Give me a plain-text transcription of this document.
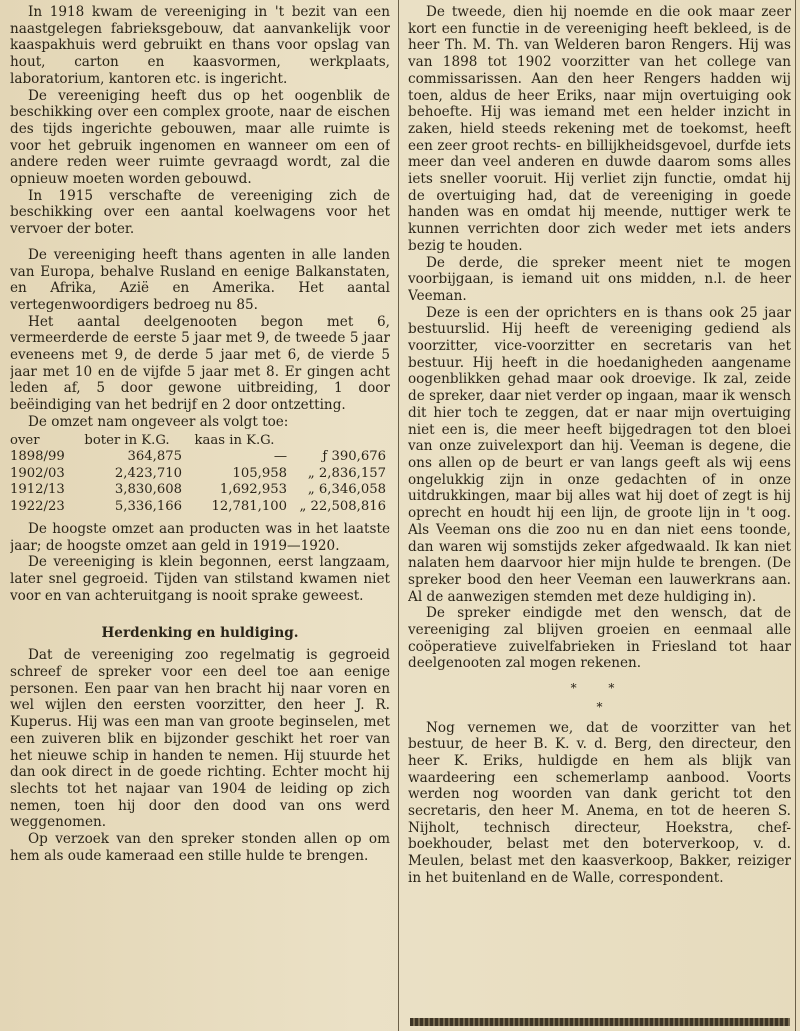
In 1918 kwam de vereeniging in 't bezit van een naastgelegen fabrieksgebouw, dat aanvankelijk voor kaaspakhuis werd gebruikt en thans voor opslag van hout, carton en kaasvormen, werkplaats, laboratorium, kantoren etc. is ingericht.

De vereeniging heeft dus op het oogenblik de beschikking over een complex groote, naar de eischen des tijds ingerichte gebouwen, maar alle ruimte is voor het gebruik ingenomen en wanneer om een of andere reden weer ruimte gevraagd wordt, zal die opnieuw moeten worden gebouwd.

In 1915 verschafte de vereeniging zich de beschikking over een aantal koelwagens voor het vervoer der boter.

De vereeniging heeft thans agenten in alle landen van Europa, behalve Rusland en eenige Balkanstaten, en Afrika, Azië en Amerika. Het aantal vertegenwoordigers bedroeg nu 85.

Het aantal deelgenooten begon met 6, vermeerderde de eerste 5 jaar met 9, de tweede 5 jaar eveneens met 9, de derde 5 jaar met 6, de vierde 5 jaar met 10 en de vijfde 5 jaar met 8. Er gingen acht leden af, 5 door gewone uitbreiding, 1 door beëindiging van het bedrijf en 2 door ontzetting.

De omzet nam ongeveer als volgt toe:

over	boter in K.G.	kaas in K.G.	
1898/99	364,875	—	ƒ 390,676
1902/03	2,423,710	105,958	„ 2,836,157
1912/13	3,830,608	1,692,953	„ 6,346,058
1922/23	5,336,166	12,781,100	„ 22,508,816

De hoogste omzet aan producten was in het laatste jaar; de hoogste omzet aan geld in 1919—1920.

De vereeniging is klein begonnen, eerst langzaam, later snel gegroeid. Tijden van stilstand kwamen niet voor en van achteruitgang is nooit sprake geweest.

Herdenking en huldiging.

Dat de vereeniging zoo regelmatig is gegroeid schreef de spreker voor een deel toe aan eenige personen. Een paar van hen bracht hij naar voren en wel wijlen den eersten voorzitter, den heer J. R. Kuperus. Hij was een man van groote beginselen, met een zuiveren blik en bijzonder geschikt het roer van het nieuwe schip in handen te nemen. Hij stuurde het dan ook direct in de goede richting. Echter mocht hij slechts tot het najaar van 1904 de leiding op zich nemen, toen hij door den dood van ons werd weggenomen.

Op verzoek van den spreker stonden allen op om hem als oude kameraad een stille hulde te brengen.

De tweede, dien hij noemde en die ook maar zeer kort een functie in de vereeniging heeft bekleed, is de heer Th. M. Th. van Welderen baron Rengers. Hij was van 1898 tot 1902 voorzitter van het college van commissarissen. Aan den heer Rengers hadden wij toen, aldus de heer Eriks, naar mijn overtuiging ook behoefte. Hij was iemand met een helder inzicht in zaken, hield steeds rekening met de toekomst, heeft een zeer groot rechts- en billijkheidsgevoel, durfde iets meer dan veel anderen en duwde daarom soms alles iets sneller vooruit. Hij verliet zijn functie, omdat hij de overtuiging had, dat de vereeniging in goede handen was en omdat hij meende, nuttiger werk te kunnen verrichten door zich weder met iets anders bezig te houden.

De derde, die spreker meent niet te mogen voorbijgaan, is iemand uit ons midden, n.l. de heer Veeman.

Deze is een der oprichters en is thans ook 25 jaar bestuurslid. Hij heeft de vereeniging gediend als voorzitter, vice-voorzitter en secretaris van het bestuur. Hij heeft in die hoedanigheden aangename oogenblikken gehad maar ook droevige. Ik zal, zeide de spreker, daar niet verder op ingaan, maar ik wensch dit hier toch te zeggen, dat er naar mijn overtuiging niet een is, die meer heeft bijgedragen tot den bloei van onze zuivelexport dan hij. Veeman is degene, die ons allen op de beurt er van langs geeft als wij eens ongelukkig zijn in onze gedachten of in onze uitdrukkingen, maar bij alles wat hij doet of zegt is hij oprecht en houdt hij een lijn, de groote lijn in 't oog. Als Veeman ons die zoo nu en dan niet eens toonde, dan waren wij somstijds zeker afgedwaald. Ik kan niet nalaten hem daarvoor hier mijn hulde te brengen. (De spreker bood den heer Veeman een lauwerkrans aan. Al de aanwezigen stemden met deze huldiging in).

De spreker eindigde met den wensch, dat de vereeniging zal blijven groeien en eenmaal alle coöperatieve zuivelfabrieken in Friesland tot haar deelgenooten zal mogen rekenen.

* *
*

Nog vernemen we, dat de voorzitter van het bestuur, de heer B. K. v. d. Berg, den directeur, den heer K. Eriks, huldigde en hem als blijk van waardeering een schemerlamp aanbood. Voorts werden nog woorden van dank gericht tot den secretaris, den heer M. Anema, en tot de heeren S. Nijholt, technisch directeur, Hoekstra, chef-boekhouder, belast met den boterverkoop, v. d. Meulen, belast met den kaasverkoop, Bakker, reiziger in het buitenland en de Walle, correspondent.
